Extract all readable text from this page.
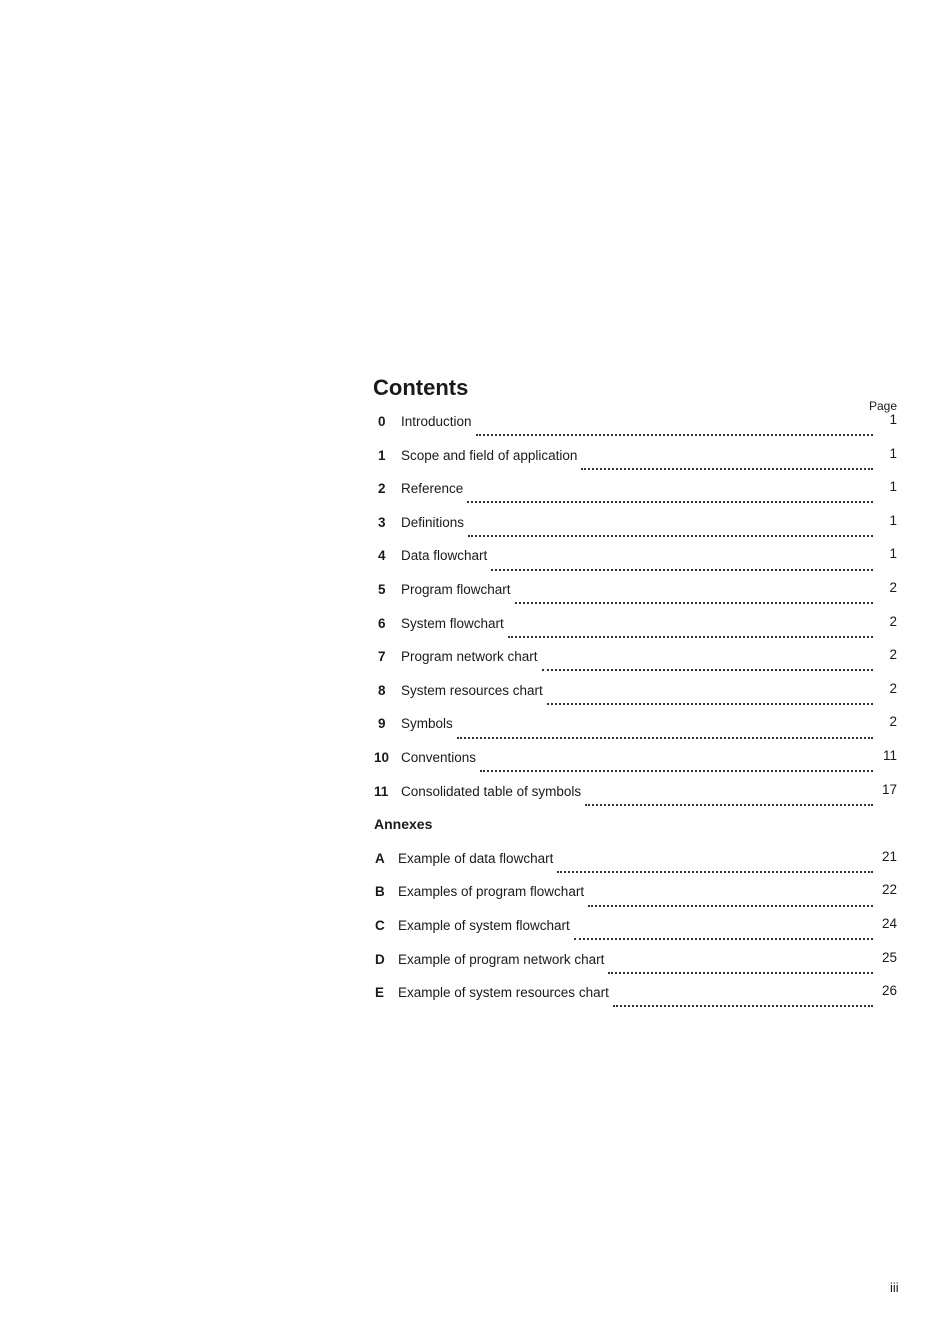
Contents
Page
0	Introduction	1
1	Scope and field of application	1
2	Reference	1
3	Definitions	1
4	Data flowchart	1
5	Program flowchart	2
6	System flowchart	2
7	Program network chart	2
8	System resources chart	2
9	Symbols	2
10 Conventions	11
11 Consolidated table of symbols	17
Annexes
A Example of data flowchart	21
B Examples of program flowchart	22
C Example of system flowchart	24
D Example of program network chart	25
E	Example of system resources chart	26
iii
